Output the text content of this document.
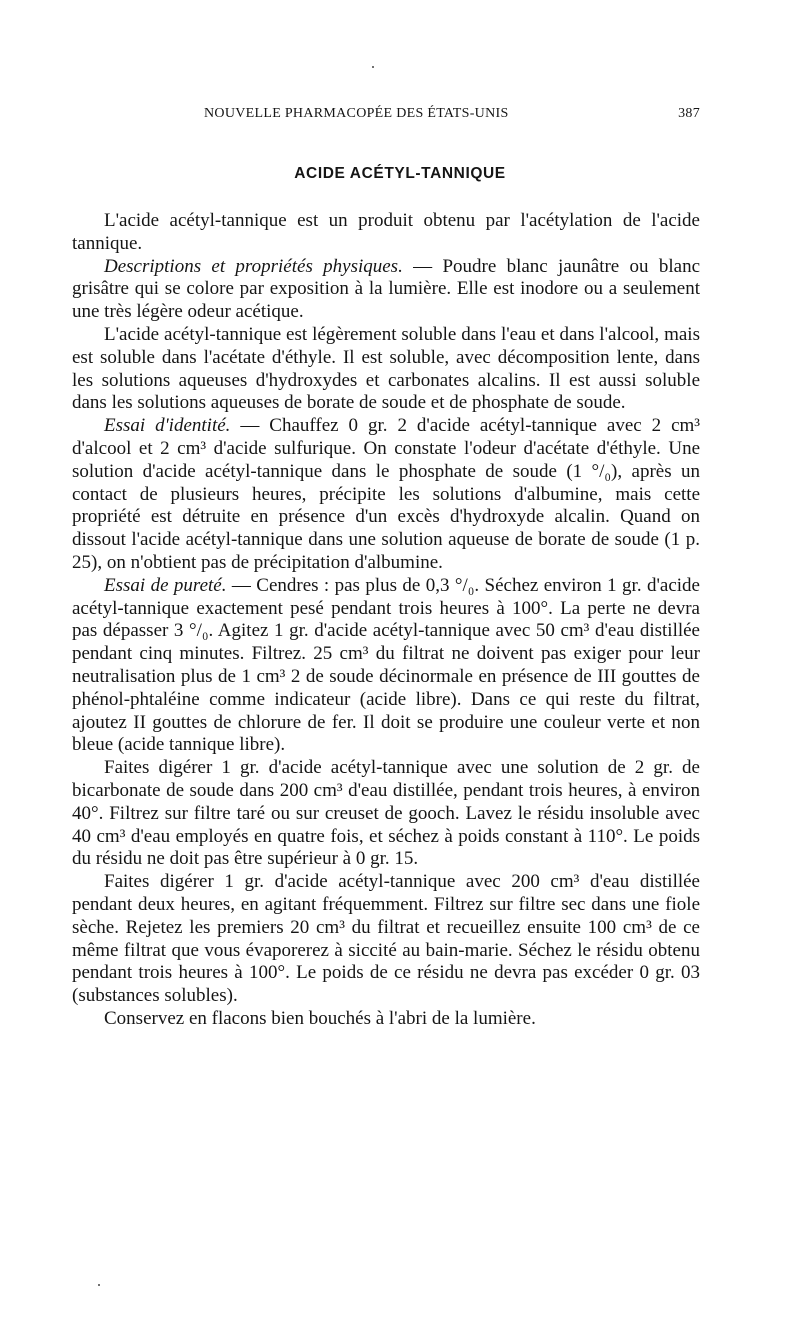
NOUVELLE PHARMACOPÉE DES ÉTATS-UNIS	387
ACIDE ACÉTYL-TANNIQUE

L'acide acétyl-tannique est un produit obtenu par l'acétylation de l'acide tannique.

Descriptions et propriétés physiques. — Poudre blanc jaunâtre ou blanc grisâtre qui se colore par exposition à la lumière. Elle est inodore ou a seulement une très légère odeur acétique.

L'acide acétyl-tannique est légèrement soluble dans l'eau et dans l'alcool, mais est soluble dans l'acétate d'éthyle. Il est soluble, avec décomposition lente, dans les solutions aqueuses d'hydroxydes et carbonates alcalins. Il est aussi soluble dans les solutions aqueuses de borate de soude et de phosphate de soude.

Essai d'identité. — Chauffez 0 gr. 2 d'acide acétyl-tannique avec 2 cm³ d'alcool et 2 cm³ d'acide sulfurique. On constate l'odeur d'acétate d'éthyle. Une solution d'acide acétyl-tannique dans le phosphate de soude (1 °/₀), après un contact de plusieurs heures, précipite les solutions d'albumine, mais cette propriété est détruite en présence d'un excès d'hydroxyde alcalin. Quand on dissout l'acide acétyl-tannique dans une solution aqueuse de borate de soude (1 p. 25), on n'obtient pas de précipitation d'albumine.

Essai de pureté. — Cendres : pas plus de 0,3 °/₀. Séchez environ 1 gr. d'acide acétyl-tannique exactement pesé pendant trois heures à 100°. La perte ne devra pas dépasser 3 °/₀. Agitez 1 gr. d'acide acétyl-tannique avec 50 cm³ d'eau distillée pendant cinq minutes. Filtrez. 25 cm³ du filtrat ne doivent pas exiger pour leur neutralisation plus de 1 cm³ 2 de soude décinormale en présence de III gouttes de phénol-phtaléine comme indicateur (acide libre). Dans ce qui reste du filtrat, ajoutez II gouttes de chlorure de fer. Il doit se produire une couleur verte et non bleue (acide tannique libre).

Faites digérer 1 gr. d'acide acétyl-tannique avec une solution de 2 gr. de bicarbonate de soude dans 200 cm³ d'eau distillée, pendant trois heures, à environ 40°. Filtrez sur filtre taré ou sur creuset de gooch. Lavez le résidu insoluble avec 40 cm³ d'eau employés en quatre fois, et séchez à poids constant à 110°. Le poids du résidu ne doit pas être supérieur à 0 gr. 15.

Faites digérer 1 gr. d'acide acétyl-tannique avec 200 cm³ d'eau distillée pendant deux heures, en agitant fréquemment. Filtrez sur filtre sec dans une fiole sèche. Rejetez les premiers 20 cm³ du filtrat et recueillez ensuite 100 cm³ de ce même filtrat que vous évaporerez à siccité au bain-marie. Séchez le résidu obtenu pendant trois heures à 100°. Le poids de ce résidu ne devra pas excéder 0 gr. 03 (substances solubles).

Conservez en flacons bien bouchés à l'abri de la lumière.
